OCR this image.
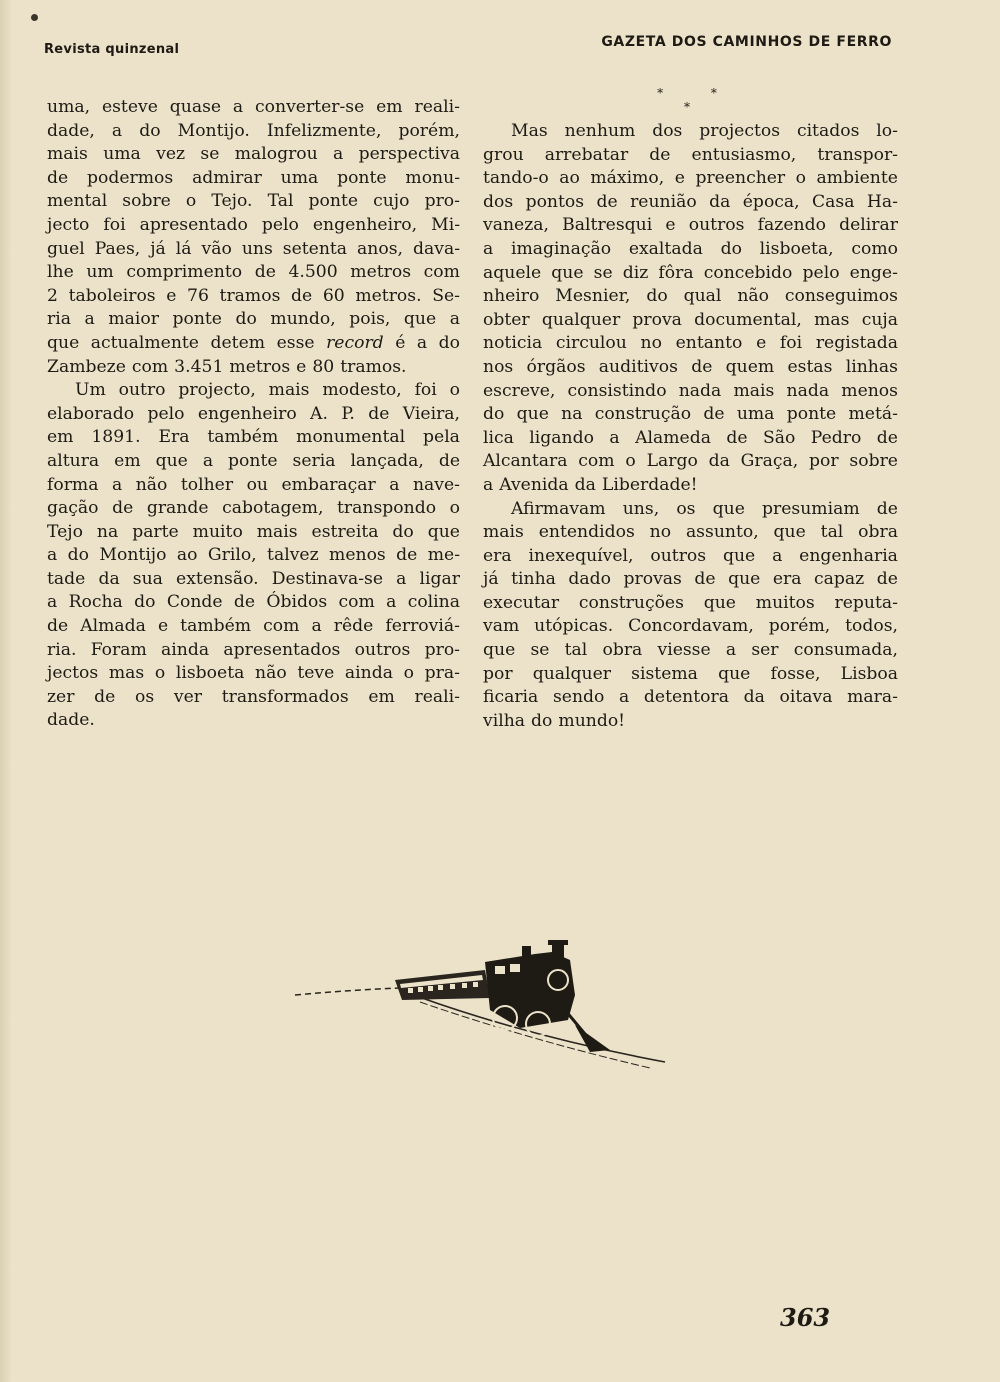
Revista quinzenal	GAZETA DOS CAMINHOS DE FERRO
uma, esteve quase a converter-se em reali-
dade, a do Montijo. Infelizmente, porém,
mais uma vez se malogrou a perspectiva
de podermos admirar uma ponte monu-
mental sobre o Tejo. Tal ponte cujo pro-
jecto foi apresentado pelo engenheiro, Mi-
guel Paes, já lá vão uns setenta anos, dava-
lhe um comprimento de 4.500 metros com
2 taboleiros e 76 tramos de 60 metros. Se-
ria a maior ponte do mundo, pois, que a
que actualmente detem esse record é a do
Zambeze com 3.451 metros e 80 tramos.
Um outro projecto, mais modesto, foi o
elaborado pelo engenheiro A. P. de Vieira,
em 1891. Era também monumental pela
altura em que a ponte seria lançada, de
forma a não tolher ou embaraçar a nave-
gação de grande cabotagem, transpondo o
Tejo na parte muito mais estreita do que
a do Montijo ao Grilo, talvez menos de me-
tade da sua extensão. Destinava-se a ligar
a Rocha do Conde de Óbidos com a colina
de Almada e também com a rêde ferroviá-
ria. Foram ainda apresentados outros pro-
jectos mas o lisboeta não teve ainda o pra-
zer de os ver transformados em reali-
dade.
* * *
Mas nenhum dos projectos citados lo-
grou arrebatar de entusiasmo, transpor-
tando-o ao máximo, e preencher o ambiente
dos pontos de reunião da época, Casa Ha-
vaneza, Baltresqui e outros fazendo delirar
a imaginação exaltada do lisboeta, como
aquele que se diz fôra concebido pelo enge-
nheiro Mesnier, do qual não conseguimos
obter qualquer prova documental, mas cuja
noticia circulou no entanto e foi registada
nos órgãos auditivos de quem estas linhas
escreve, consistindo nada mais nada menos
do que na construção de uma ponte metá-
lica ligando a Alameda de São Pedro de
Alcantara com o Largo da Graça, por sobre
a Avenida da Liberdade!
Afirmavam uns, os que presumiam de
mais entendidos no assunto, que tal obra
era inexequível, outros que a engenharia
já tinha dado provas de que era capaz de
executar construções que muitos reputa-
vam utópicas. Concordavam, porém, todos,
que se tal obra viesse a ser consumada,
por qualquer sistema que fosse, Lisboa
ficaria sendo a detentora da oitava mara-
vilha do mundo!
363
